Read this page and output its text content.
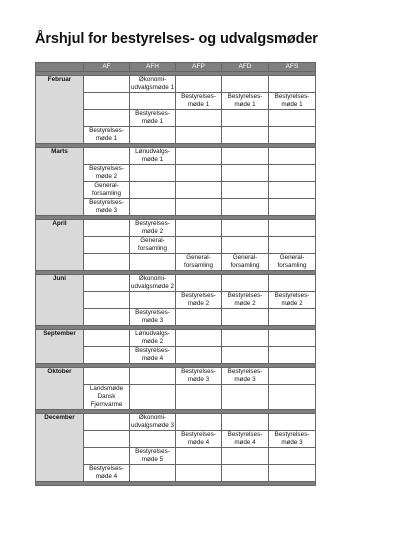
Årshjul for bestyrelses- og udvalgsmøder
	AF	AFH	AFP	AFD	AFS

Februar		Økonomi-
udvalgsmøde 1			
			Bestyrelses-
møde 1	Bestyrelses-
møde 1	Bestyrelses-
møde 1
		Bestyrelses-
møde 1			
	Bestyrelses-
møde 1				

Marts		Lønudvalgs-
møde 1			
	Bestyrelses-
møde 2				
	General-
forsamling				
	Bestyrelses-
møde 3				

April		Bestyrelses-
møde 2			
		General-
forsamling			
			General-
forsamling	General-
forsamling	General-
forsamling

Juni		Økonomi-
udvalgsmøde 2			
			Bestyrelses-
møde 2	Bestyrelses-
møde 2	Bestyrelses-
møde 2
		Bestyrelses-
møde 3			

September		Lønudvalgs-
møde 2			
		Bestyrelses-
møde 4			

Oktober			Bestyrelses-
møde 3	Bestyrelses-
møde 3	
	Landsmøde
Dansk
Fjernvarme				

December		Økonomi-
udvalgsmøde 3			
			Bestyrelses-
møde 4	Bestyrelses-
møde 4	Bestyrelses-
møde 3
		Bestyrelses-
møde 5			
	Bestyrelses-
møde 4				
